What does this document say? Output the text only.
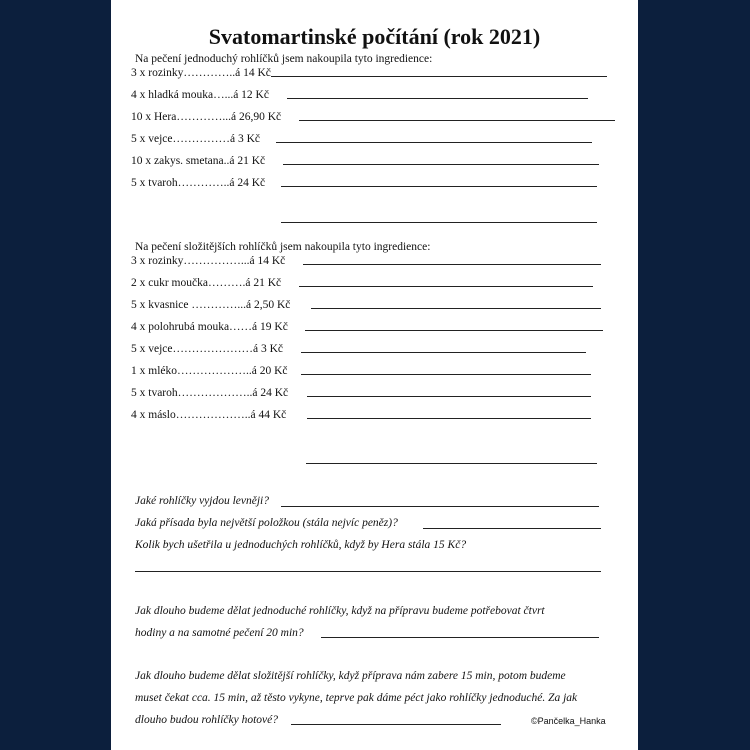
Svatomartinské počítání (rok 2021)
Na pečení jednoduchý rohlíčků jsem nakoupila tyto ingredience:
3 x rozinky…………..á 14 Kč
4 x hladká mouka…...á 12 Kč
10 x Hera…………...á 26,90 Kč
5 x vejce……………á 3 Kč
10 x zakys. smetana..á 21 Kč
5 x tvaroh…………..á 24 Kč
Na pečení složitějších rohlíčků jsem nakoupila tyto ingredience:
3 x rozinky……………...á 14 Kč
2 x cukr moučka……….á 21 Kč
5 x kvasnice …………...á 2,50 Kč
4 x polohrubá mouka……á 19 Kč
5 x vejce…………………á 3 Kč
1 x mléko………………..á 20 Kč
5 x tvaroh………………..á 24 Kč
4 x máslo………………..á 44 Kč
Jaké rohlíčky vyjdou levněji?
Jaká přísada byla největší položkou (stála nejvíc peněz)?
Kolik bych ušetřila u jednoduchých rohlíčků, když by Hera stála 15 Kč?
Jak dlouho budeme dělat jednoduché rohlíčky, když na přípravu budeme potřebovat čtvrt
hodiny a na samotné pečení 20 min?
Jak dlouho budeme dělat složitější rohlíčky, když příprava nám zabere 15 min, potom budeme
muset čekat cca. 15 min, až těsto vykyne, teprve pak dáme péct jako rohlíčky jednoduché. Za jak
dlouho budou rohlíčky hotové?	©Pančelka_Hanka
